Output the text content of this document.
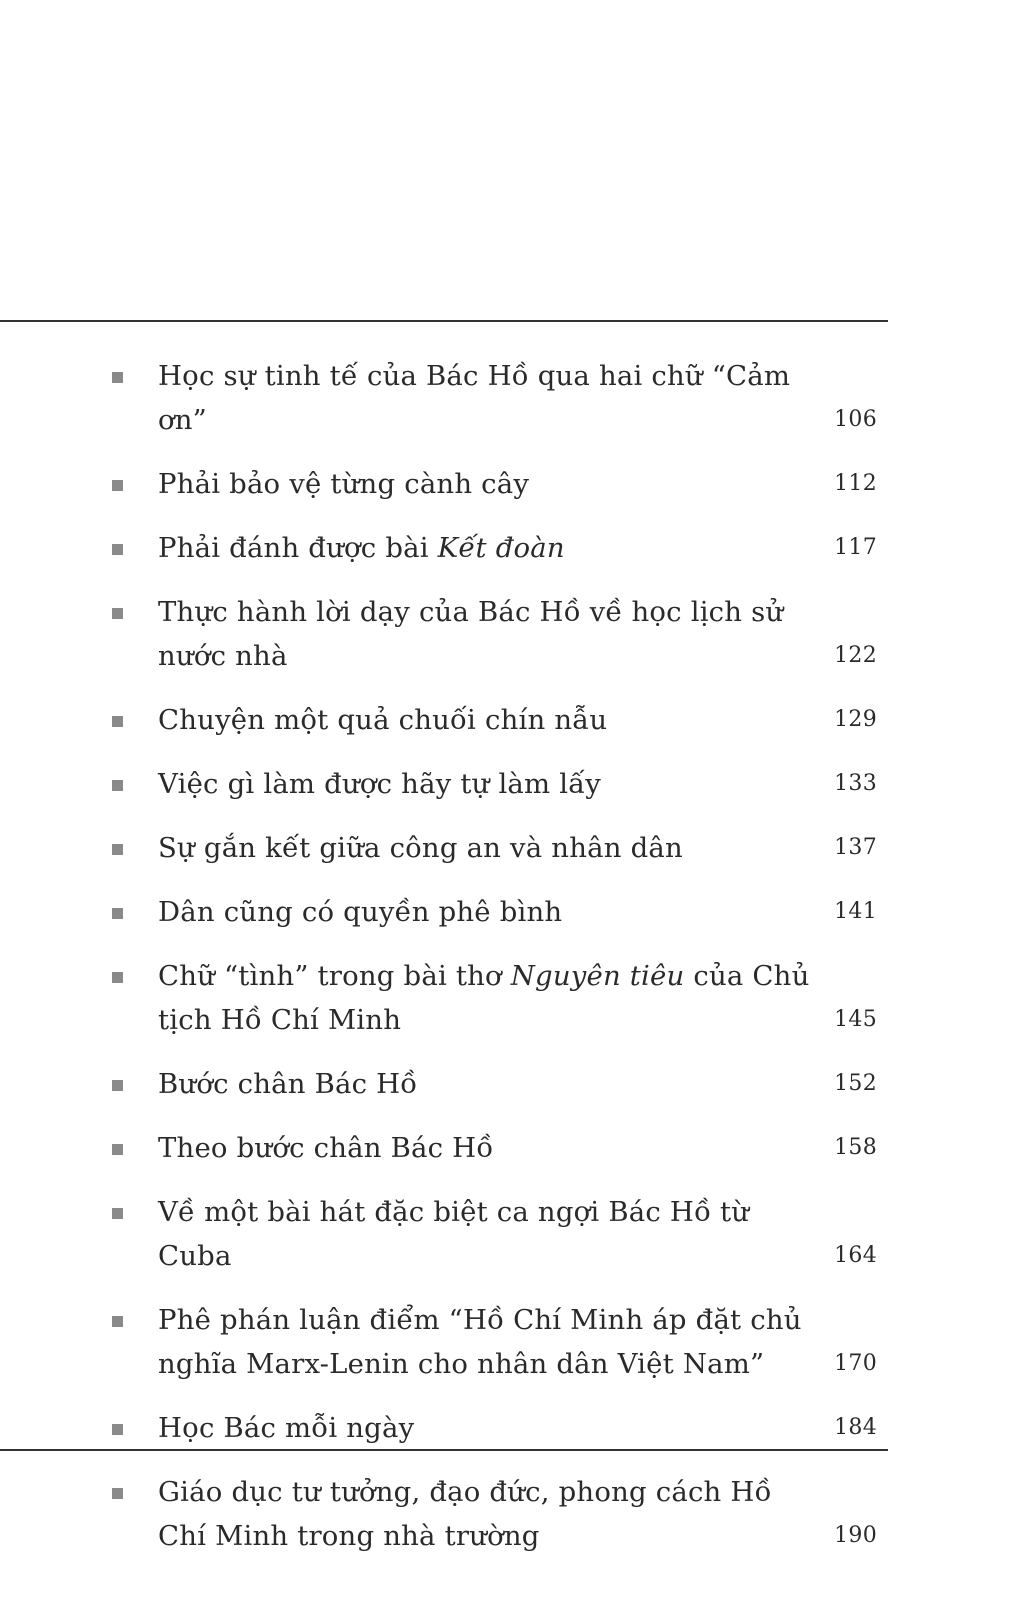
Học sự tinh tế của Bác Hồ qua hai chữ “Cảm ơn”	106
Phải bảo vệ từng cành cây	112
Phải đánh được bài Kết đoàn	117
Thực hành lời dạy của Bác Hồ về học lịch sử nước nhà	122
Chuyện một quả chuối chín nẫu	129
Việc gì làm được hãy tự làm lấy	133
Sự gắn kết giữa công an và nhân dân	137
Dân cũng có quyền phê bình	141
Chữ “tình” trong bài thơ Nguyên tiêu của Chủ tịch Hồ Chí Minh	145
Bước chân Bác Hồ	152
Theo bước chân Bác Hồ	158
Về một bài hát đặc biệt ca ngợi Bác Hồ từ Cuba	164
Phê phán luận điểm “Hồ Chí Minh áp đặt chủ nghĩa Marx-Lenin cho nhân dân Việt Nam”	170
Học Bác mỗi ngày	184
Giáo dục tư tưởng, đạo đức, phong cách Hồ Chí Minh trong nhà trường	190
